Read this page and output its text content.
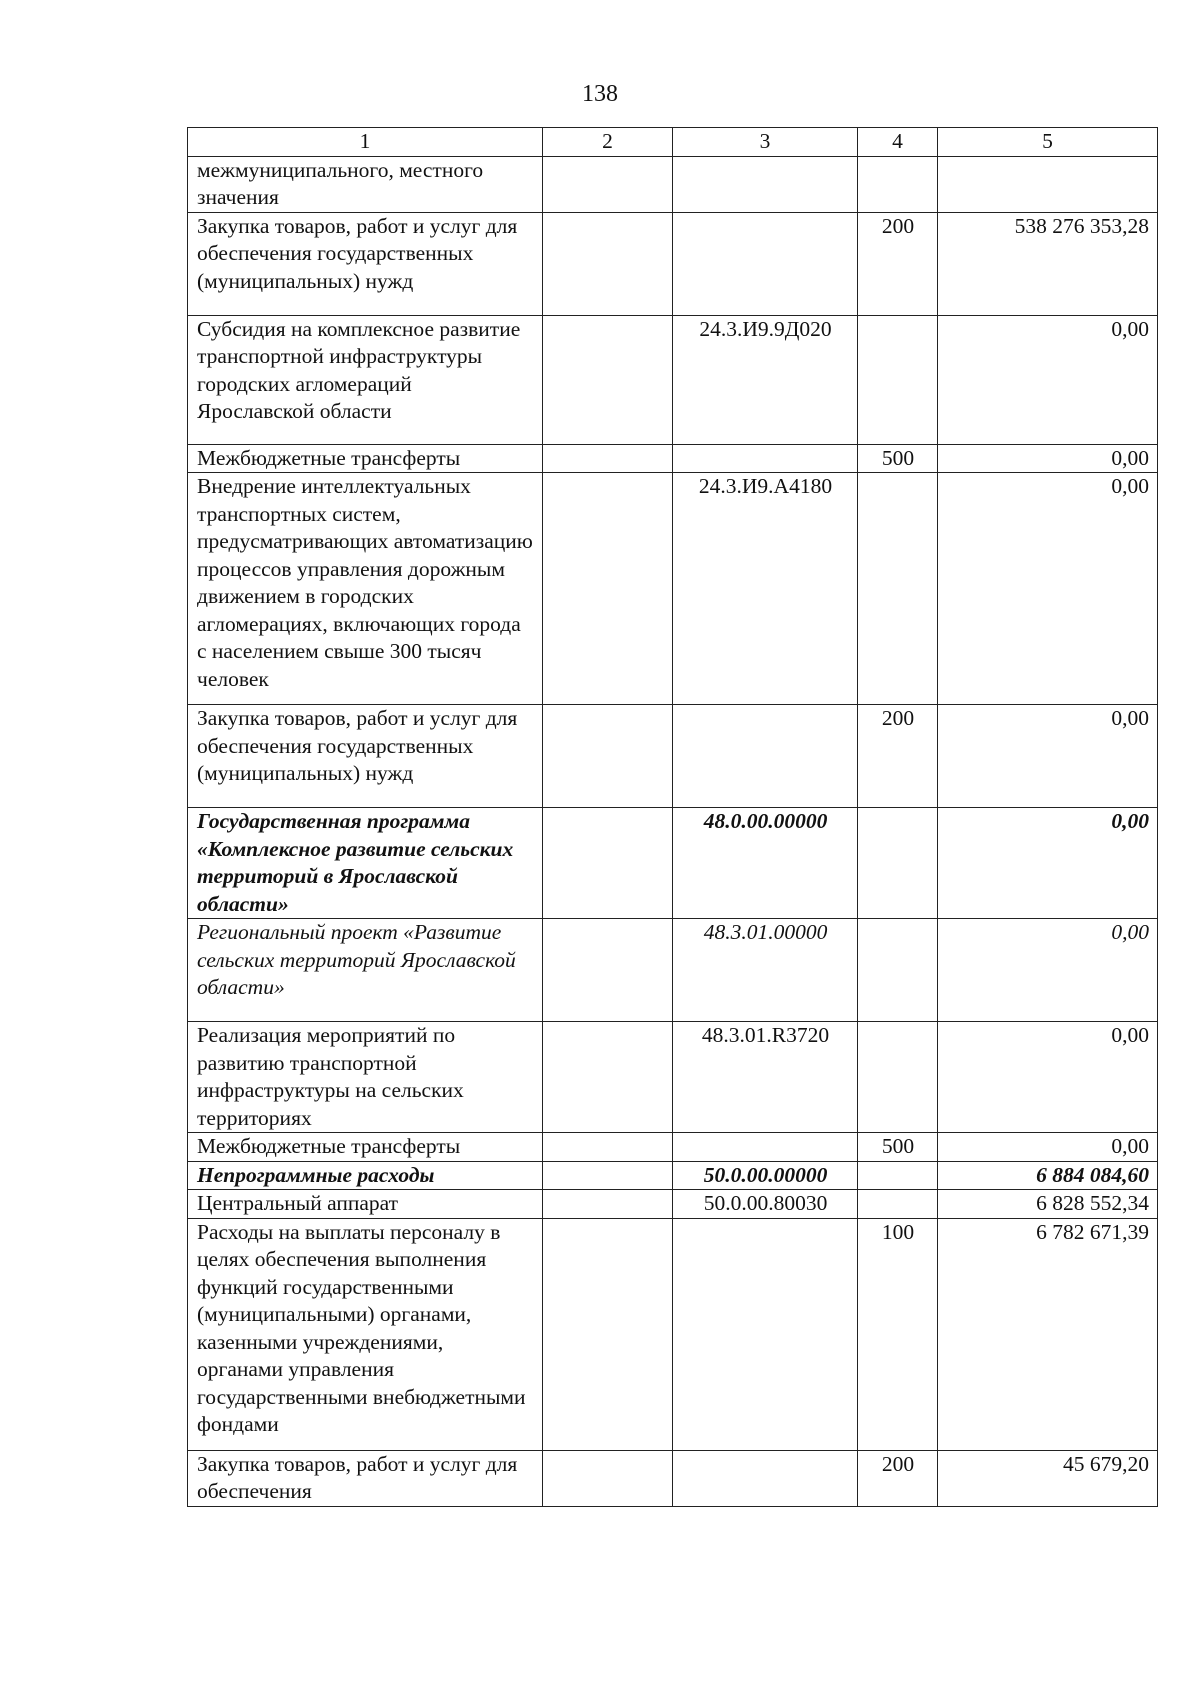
138
1	2	3	4	5
межмуниципального, местного значения				
Закупка товаров, работ и услуг для обеспечения государственных (муниципальных) нужд			200	538 276 353,28
Субсидия на комплексное развитие транспортной инфраструктуры городских агломераций Ярославской области		24.3.И9.9Д020		0,00
Межбюджетные трансферты			500	0,00
Внедрение интеллектуальных транспортных систем, предусматривающих автоматизацию процессов управления дорожным движением в городских агломерациях, включающих города с населением свыше 300 тысяч человек		24.3.И9.А4180		0,00
Закупка товаров, работ и услуг для обеспечения государственных (муниципальных) нужд			200	0,00
Государственная программа «Комплексное развитие сельских территорий в Ярославской области»		48.0.00.00000		0,00
Региональный проект «Развитие сельских территорий Ярославской области»		48.3.01.00000		0,00
Реализация мероприятий по развитию транспортной инфраструктуры на сельских территориях		48.3.01.R3720		0,00
Межбюджетные трансферты			500	0,00
Непрограммные расходы		50.0.00.00000		6 884 084,60
Центральный аппарат		50.0.00.80030		6 828 552,34
Расходы на выплаты персоналу в целях обеспечения выполнения функций государственными (муниципальными) органами, казенными учреждениями, органами управления государственными внебюджетными фондами			100	6 782 671,39
Закупка товаров, работ и услуг для обеспечения			200	45 679,20
